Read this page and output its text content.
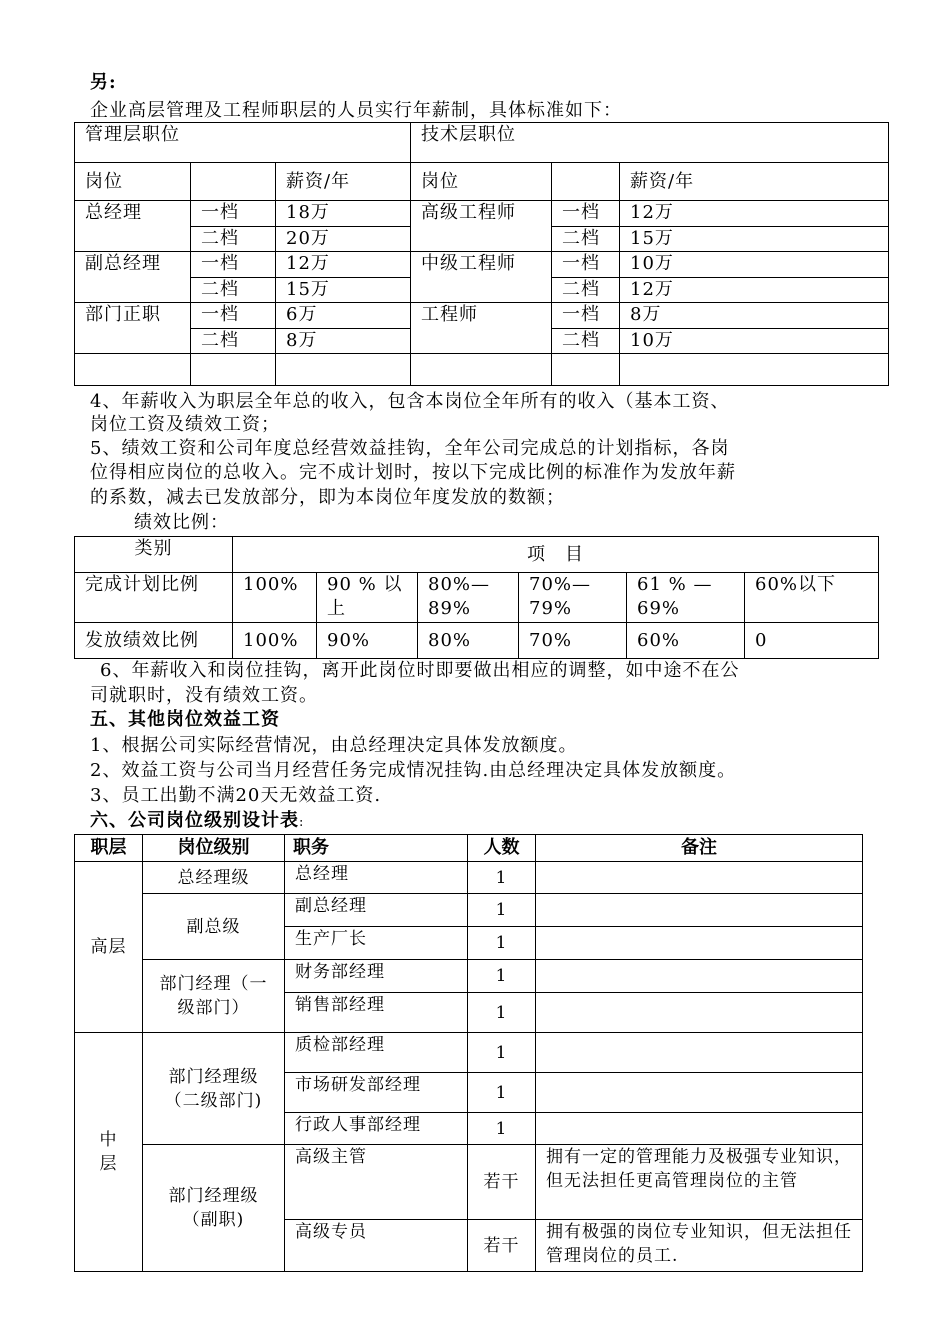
另:
企业高层管理及工程师职层的人员实行年薪制，具体标准如下：
管理层职位			技术层职位		
岗位		薪资/年	岗位		薪资/年
总经理	一档	18万	高级工程师	一档	12万
	二档	20万		二档	15万
副总经理	一档	12万	中级工程师	一档	10万
	二档	15万		二档	12万
部门正职	一档	6万	工程师	一档	8万
	二档	8万		二档	10万

4、年薪收入为职层全年总的收入，包含本岗位全年所有的收入（基本工资、
岗位工资及绩效工资；
5、绩效工资和公司年度总经营效益挂钩，全年公司完成总的计划指标，各岗
位得相应岗位的总收入。完不成计划时，按以下完成比例的标准作为发放年薪
的系数，减去已发放部分，即为本岗位年度发放的数额；
绩效比例：
类别	项　目					
完成计划比例	100%	90 % 以上	80%—89%	70%—79%	61 % —69%	60%以下
发放绩效比例	100%	90%	80%	70%	60%	0
6、年薪收入和岗位挂钩，离开此岗位时即要做出相应的调整，如中途不在公
司就职时，没有绩效工资。
五、其他岗位效益工资
1、根据公司实际经营情况，由总经理决定具体发放额度。
2、效益工资与公司当月经营任务完成情况挂钩.由总经理决定具体发放额度。
3、员工出勤不满20天无效益工资.
六、公司岗位级别设计表:
职层	岗位级别	职务	人数	备注
高层	总经理级	总经理	1	
	副总级	副总经理	1	
		生产厂长	1	
	部门经理（一级部门）	财务部经理	1	
		销售部经理	1	
中层	部门经理级（二级部门)	质检部经理	1	
		市场研发部经理	1	
		行政人事部经理	1	
	部门经理级（副职)	高级主管	若干	拥有一定的管理能力及极强专业知识，但无法担任更高管理岗位的主管
		高级专员	若干	拥有极强的岗位专业知识，但无法担任管理岗位的员工.
